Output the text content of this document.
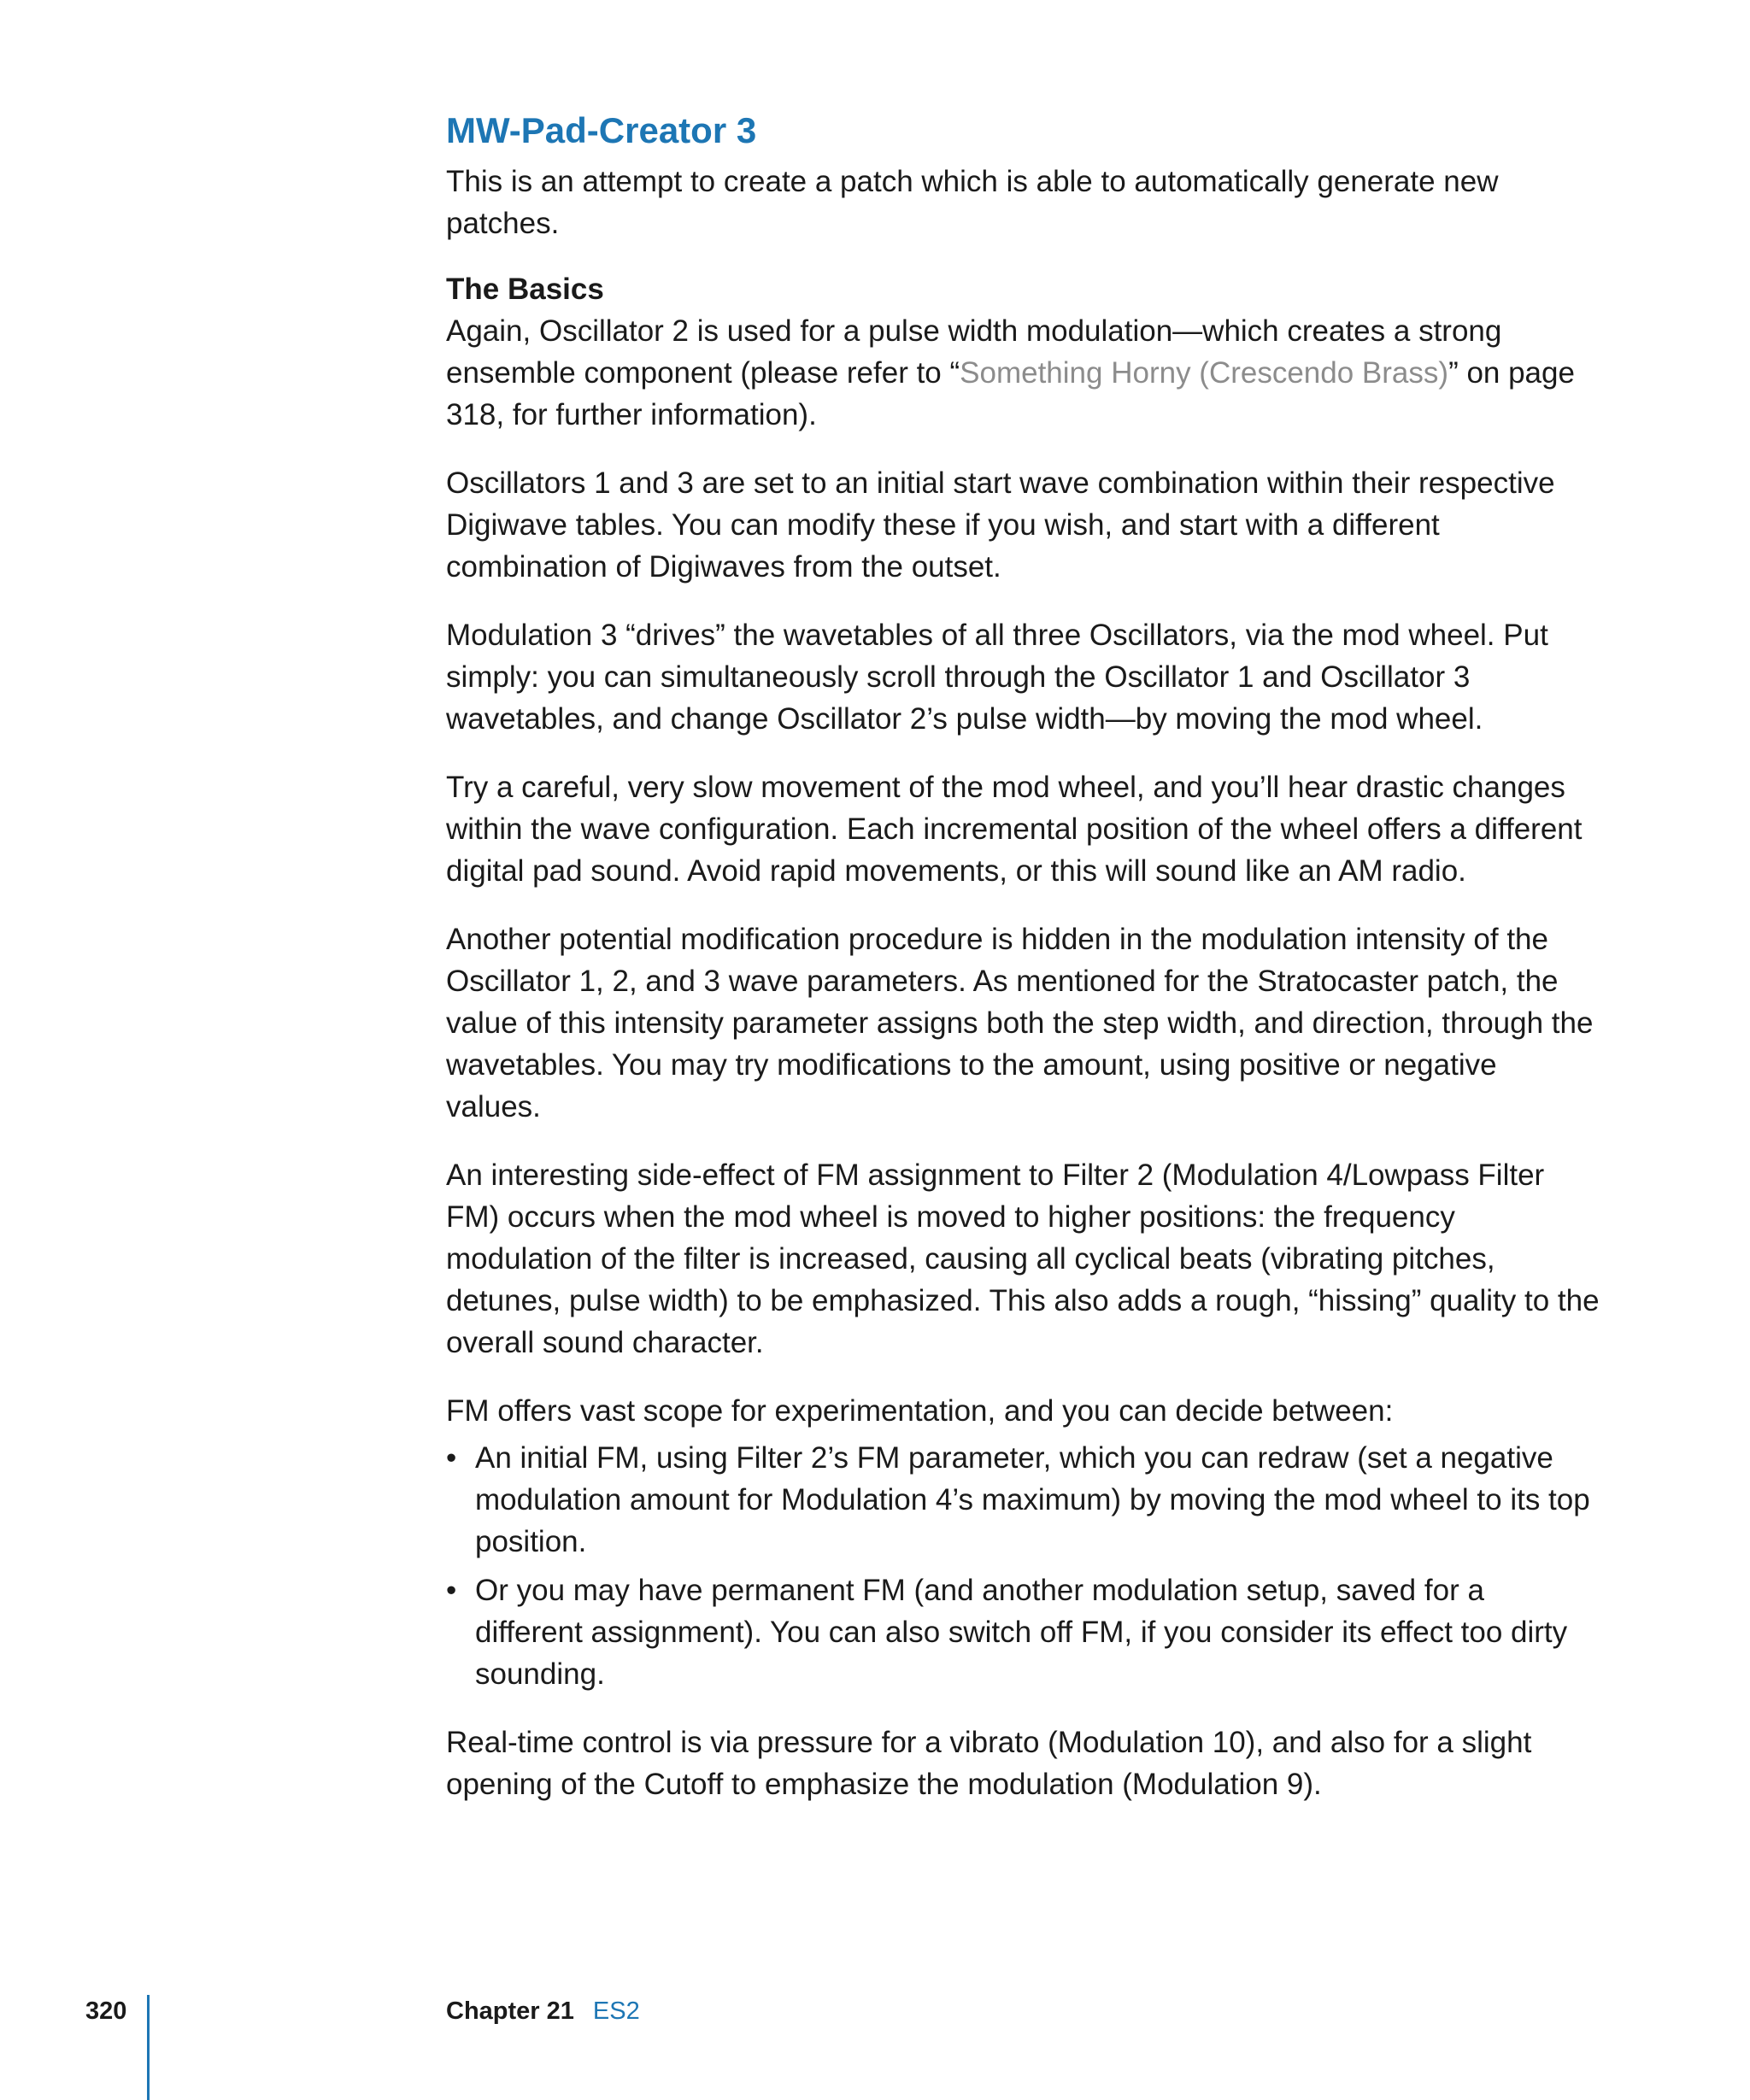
MW-Pad-Creator 3

This is an attempt to create a patch which is able to automatically generate new patches.

The Basics

Again, Oscillator 2 is used for a pulse width modulation—which creates a strong ensemble component (please refer to “Something Horny (Crescendo Brass)” on page 318, for further information).

Oscillators 1 and 3 are set to an initial start wave combination within their respective Digiwave tables. You can modify these if you wish, and start with a different combination of Digiwaves from the outset.

Modulation 3 “drives” the wavetables of all three Oscillators, via the mod wheel. Put simply: you can simultaneously scroll through the Oscillator 1 and Oscillator 3 wavetables, and change Oscillator 2’s pulse width—by moving the mod wheel.

Try a careful, very slow movement of the mod wheel, and you’ll hear drastic changes within the wave configuration. Each incremental position of the wheel offers a different digital pad sound. Avoid rapid movements, or this will sound like an AM radio.

Another potential modification procedure is hidden in the modulation intensity of the Oscillator 1, 2, and 3 wave parameters. As mentioned for the Stratocaster patch, the value of this intensity parameter assigns both the step width, and direction, through the wavetables. You may try modifications to the amount, using positive or negative values.

An interesting side-effect of FM assignment to Filter 2 (Modulation 4/Lowpass Filter FM) occurs when the mod wheel is moved to higher positions: the frequency modulation of the filter is increased, causing all cyclical beats (vibrating pitches, detunes, pulse width) to be emphasized. This also adds a rough, “hissing” quality to the overall sound character.

FM offers vast scope for experimentation, and you can decide between:

• An initial FM, using Filter 2’s FM parameter, which you can redraw (set a negative modulation amount for Modulation 4’s maximum) by moving the mod wheel to its top position.
• Or you may have permanent FM (and another modulation setup, saved for a different assignment). You can also switch off FM, if you consider its effect too dirty sounding.

Real-time control is via pressure for a vibrato (Modulation 10), and also for a slight opening of the Cutoff to emphasize the modulation (Modulation 9).

320	Chapter 21 ES2
